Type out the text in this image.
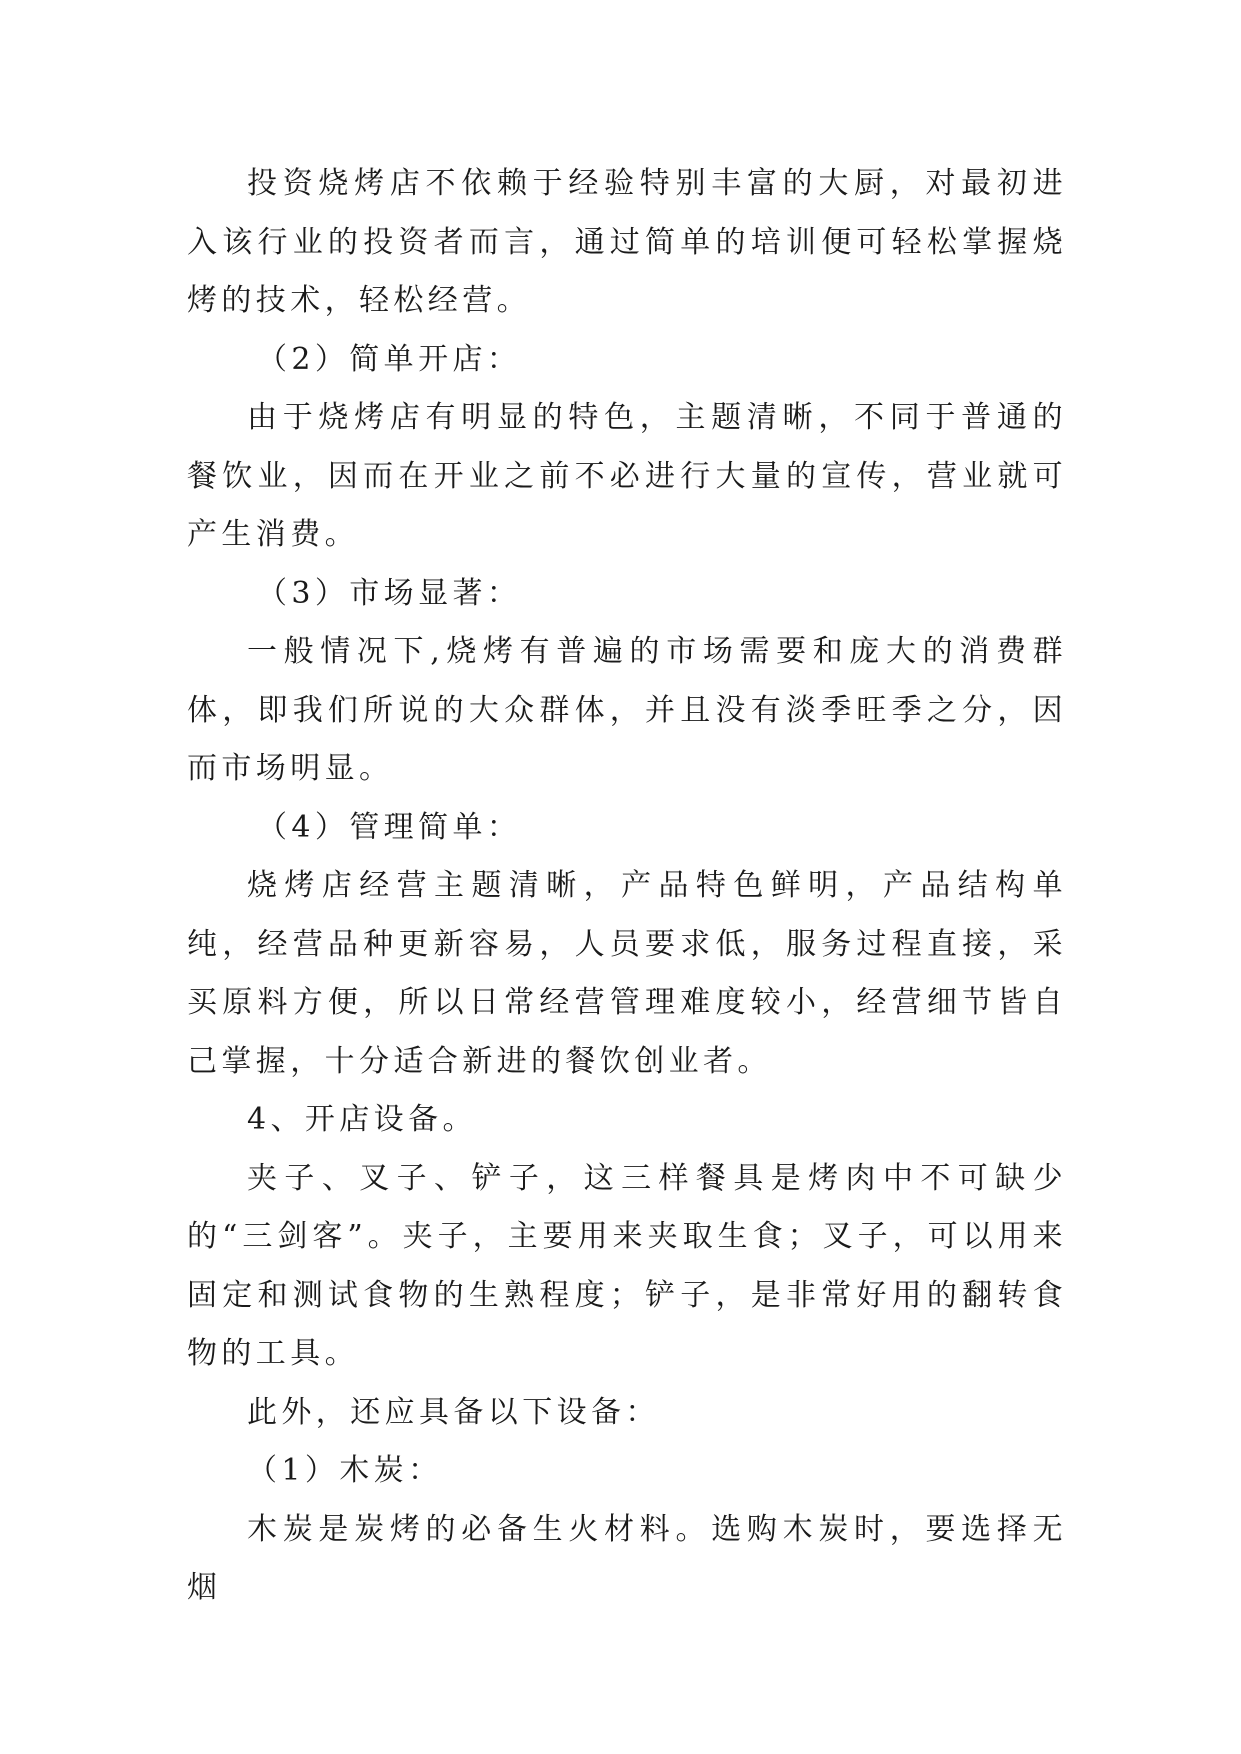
投资烧烤店不依赖于经验特别丰富的大厨，对最初进入该行业的投资者而言，通过简单的培训便可轻松掌握烧烤的技术，轻松经营。

（2）简单开店：

由于烧烤店有明显的特色，主题清晰，不同于普通的餐饮业，因而在开业之前不必进行大量的宣传，营业就可产生消费。

（3）市场显著：

一般情况下,烧烤有普遍的市场需要和庞大的消费群体，即我们所说的大众群体，并且没有淡季旺季之分，因而市场明显。

（4）管理简单：

烧烤店经营主题清晰，产品特色鲜明，产品结构单纯，经营品种更新容易，人员要求低，服务过程直接，采买原料方便，所以日常经营管理难度较小，经营细节皆自己掌握，十分适合新进的餐饮创业者。

4、开店设备。

夹子、叉子、铲子，这三样餐具是烤肉中不可缺少的“三剑客”。夹子，主要用来夹取生食；叉子，可以用来固定和测试食物的生熟程度；铲子，是非常好用的翻转食物的工具。

此外，还应具备以下设备：

（1）木炭：

木炭是炭烤的必备生火材料。选购木炭时，要选择无烟
